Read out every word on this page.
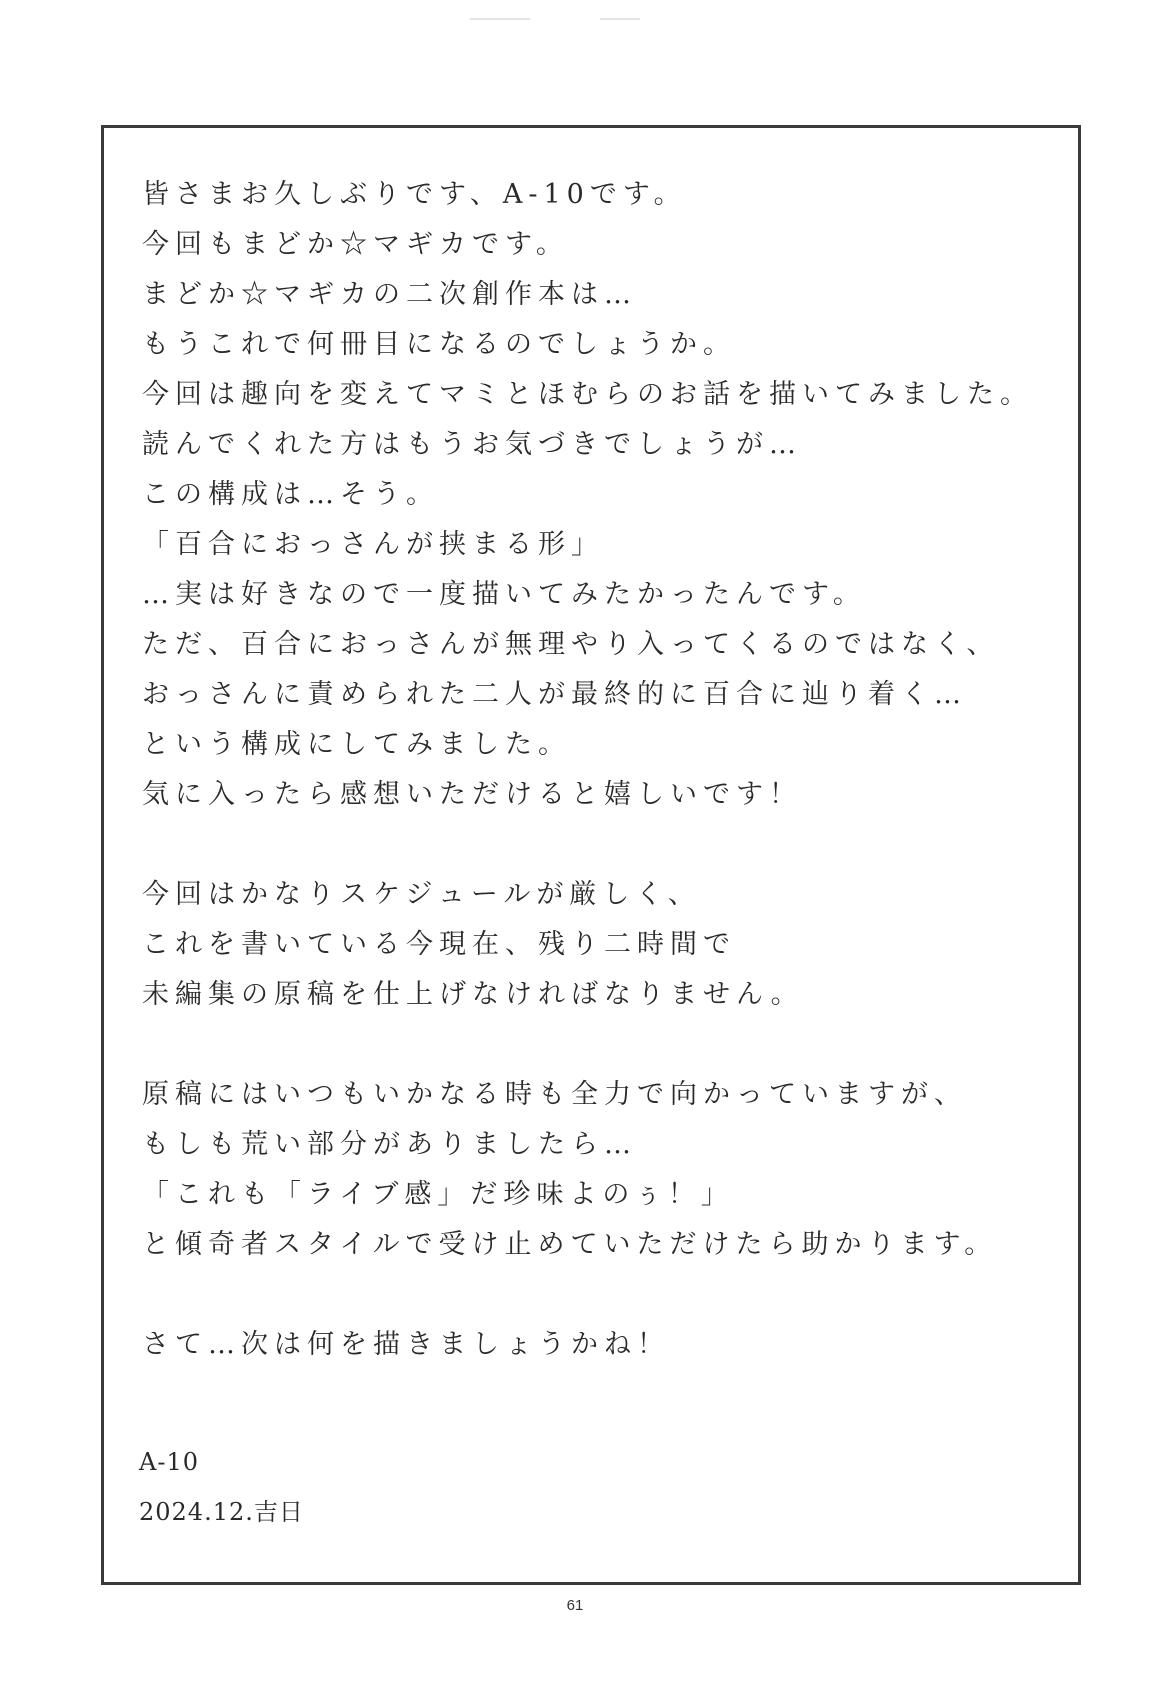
皆さまお久しぶりです、A-10です。
今回もまどか☆マギカです。
まどか☆マギカの二次創作本は…
もうこれで何冊目になるのでしょうか。
今回は趣向を変えてマミとほむらのお話を描いてみました。
読んでくれた方はもうお気づきでしょうが…
この構成は…そう。
「百合におっさんが挟まる形」
…実は好きなので一度描いてみたかったんです。
ただ、百合におっさんが無理やり入ってくるのではなく、
おっさんに責められた二人が最終的に百合に辿り着く…
という構成にしてみました。
気に入ったら感想いただけると嬉しいです！
今回はかなりスケジュールが厳しく、
これを書いている今現在、残り二時間で
未編集の原稿を仕上げなければなりません。
原稿にはいつもいかなる時も全力で向かっていますが、
もしも荒い部分がありましたら…
「これも「ライブ感」だ珍味よのぅ！」
と傾奇者スタイルで受け止めていただけたら助かります。
さて…次は何を描きましょうかね！
A-10
2024.12.吉日
61
